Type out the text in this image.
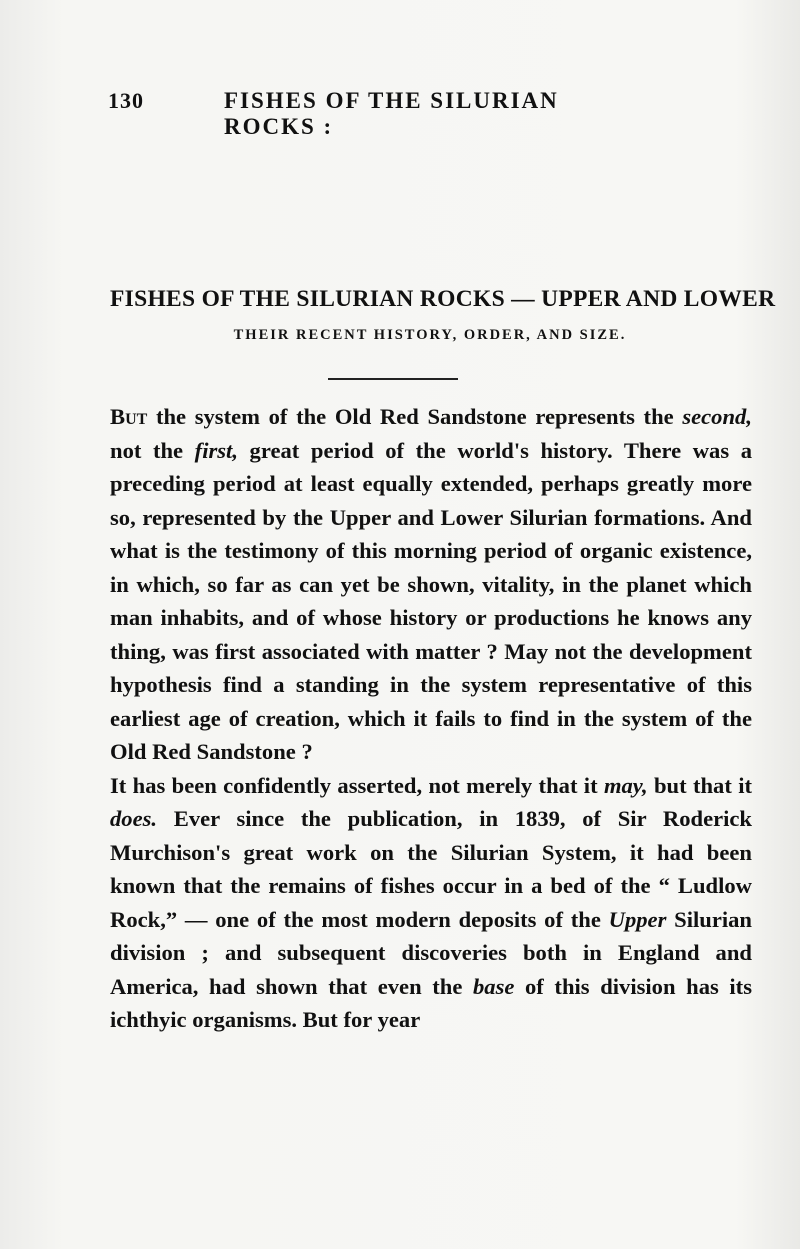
130	FISHES OF THE SILURIAN ROCKS :
FISHES OF THE SILURIAN ROCKS — UPPER AND LOWER
THEIR RECENT HISTORY, ORDER, AND SIZE.

But the system of the Old Red Sandstone represents the second, not the first, great period of the world's history. There was a preceding period at least equally extended, perhaps greatly more so, represented by the Upper and Lower Silurian formations. And what is the testimony of this morning period of organic existence, in which, so far as can yet be shown, vitality, in the planet which man inhabits, and of whose history or productions he knows any thing, was first associated with matter ? May not the development hypothesis find a standing in the system representative of this earliest age of creation, which it fails to find in the system of the Old Red Sandstone ?

It has been confidently asserted, not merely that it may, but that it does. Ever since the publication, in 1839, of Sir Roderick Murchison's great work on the Silurian System, it had been known that the remains of fishes occur in a bed of the “ Ludlow Rock,” — one of the most modern deposits of the Upper Silurian division ; and subsequent discoveries both in England and America, had shown that even the base of this division has its ichthyic organisms. But for year
